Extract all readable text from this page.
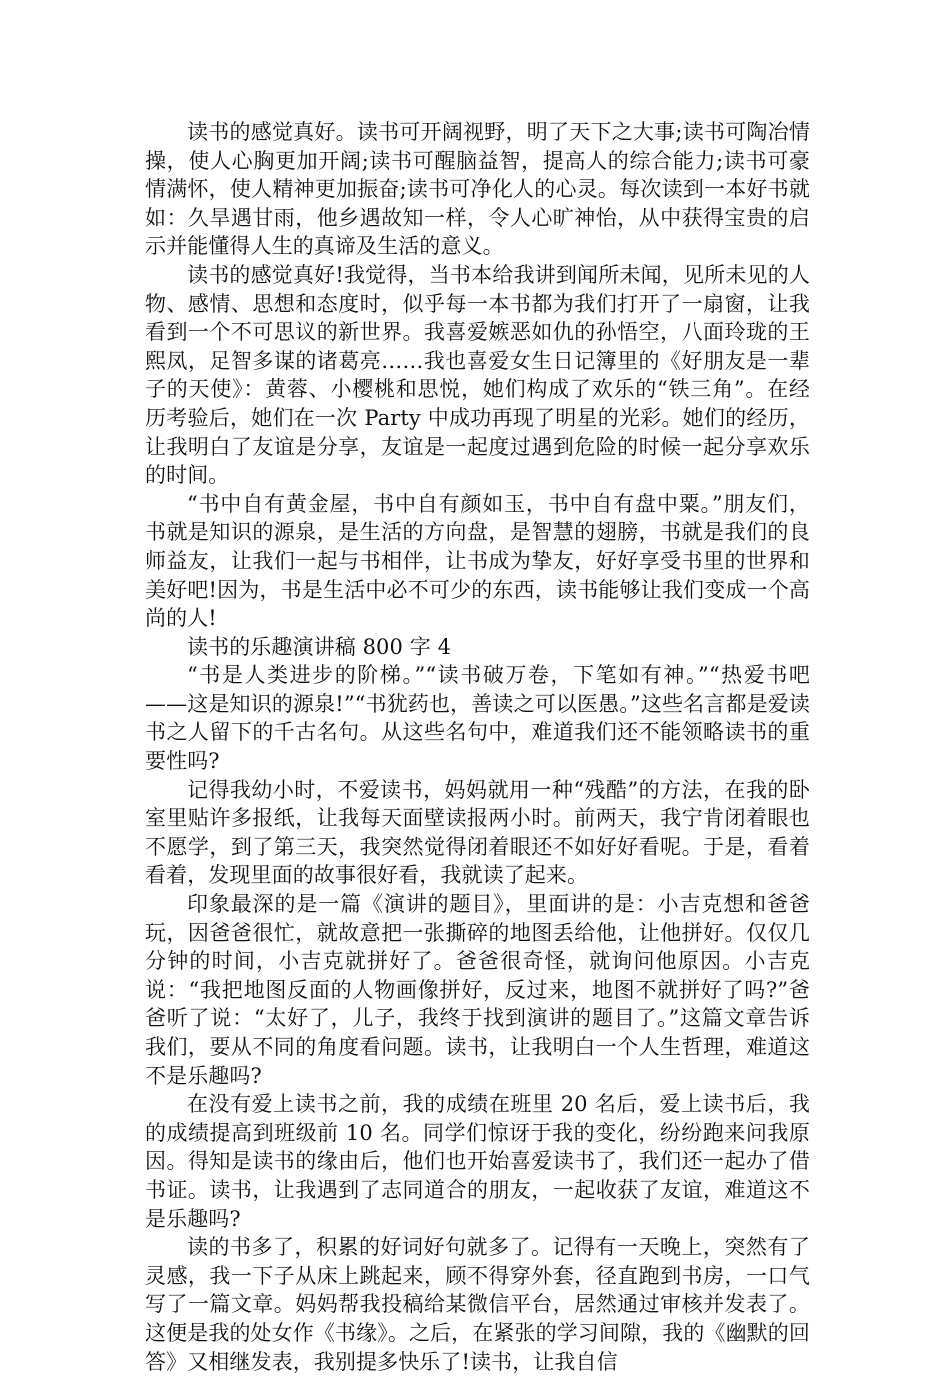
读书的感觉真好。读书可开阔视野，明了天下之大事;读书可陶冶情操，使人心胸更加开阔;读书可醒脑益智，提高人的综合能力;读书可豪情满怀，使人精神更加振奋;读书可净化人的心灵。每次读到一本好书就如：久旱遇甘雨，他乡遇故知一样，令人心旷神怡，从中获得宝贵的启示并能懂得人生的真谛及生活的意义。

读书的感觉真好!我觉得，当书本给我讲到闻所未闻，见所未见的人物、感情、思想和态度时，似乎每一本书都为我们打开了一扇窗，让我看到一个不可思议的新世界。我喜爱嫉恶如仇的孙悟空，八面玲珑的王熙凤，足智多谋的诸葛亮……我也喜爱女生日记簿里的《好朋友是一辈子的天使》：黄蓉、小樱桃和思悦，她们构成了欢乐的“铁三角”。在经历考验后，她们在一次 Party 中成功再现了明星的光彩。她们的经历，让我明白了友谊是分享，友谊是一起度过遇到危险的时候一起分享欢乐的时间。

“书中自有黄金屋，书中自有颜如玉，书中自有盘中粟。”朋友们，书就是知识的源泉，是生活的方向盘，是智慧的翅膀，书就是我们的良师益友，让我们一起与书相伴，让书成为挚友，好好享受书里的世界和美好吧!因为，书是生活中必不可少的东西，读书能够让我们变成一个高尚的人!

读书的乐趣演讲稿 800 字 4

“书是人类进步的阶梯。”“读书破万卷，下笔如有神。”“热爱书吧——这是知识的源泉!”“书犹药也，善读之可以医愚。”这些名言都是爱读书之人留下的千古名句。从这些名句中，难道我们还不能领略读书的重要性吗?

记得我幼小时，不爱读书，妈妈就用一种“残酷”的方法，在我的卧室里贴许多报纸，让我每天面壁读报两小时。前两天，我宁肯闭着眼也不愿学，到了第三天，我突然觉得闭着眼还不如好好看呢。于是，看着看着，发现里面的故事很好看，我就读了起来。

印象最深的是一篇《演讲的题目》，里面讲的是：小吉克想和爸爸玩，因爸爸很忙，就故意把一张撕碎的地图丢给他，让他拼好。仅仅几分钟的时间，小吉克就拼好了。爸爸很奇怪，就询问他原因。小吉克说：“我把地图反面的人物画像拼好，反过来，地图不就拼好了吗?”爸爸听了说：“太好了，儿子，我终于找到演讲的题目了。”这篇文章告诉我们，要从不同的角度看问题。读书，让我明白一个人生哲理，难道这不是乐趣吗?

在没有爱上读书之前，我的成绩在班里 20 名后，爱上读书后，我的成绩提高到班级前 10 名。同学们惊讶于我的变化，纷纷跑来问我原因。得知是读书的缘由后，他们也开始喜爱读书了，我们还一起办了借书证。读书，让我遇到了志同道合的朋友，一起收获了友谊，难道这不是乐趣吗?

读的书多了，积累的好词好句就多了。记得有一天晚上，突然有了灵感，我一下子从床上跳起来，顾不得穿外套，径直跑到书房，一口气写了一篇文章。妈妈帮我投稿给某微信平台，居然通过审核并发表了。这便是我的处女作《书缘》。之后，在紧张的学习间隙，我的《幽默的回答》又相继发表，我别提多快乐了!读书，让我自信
